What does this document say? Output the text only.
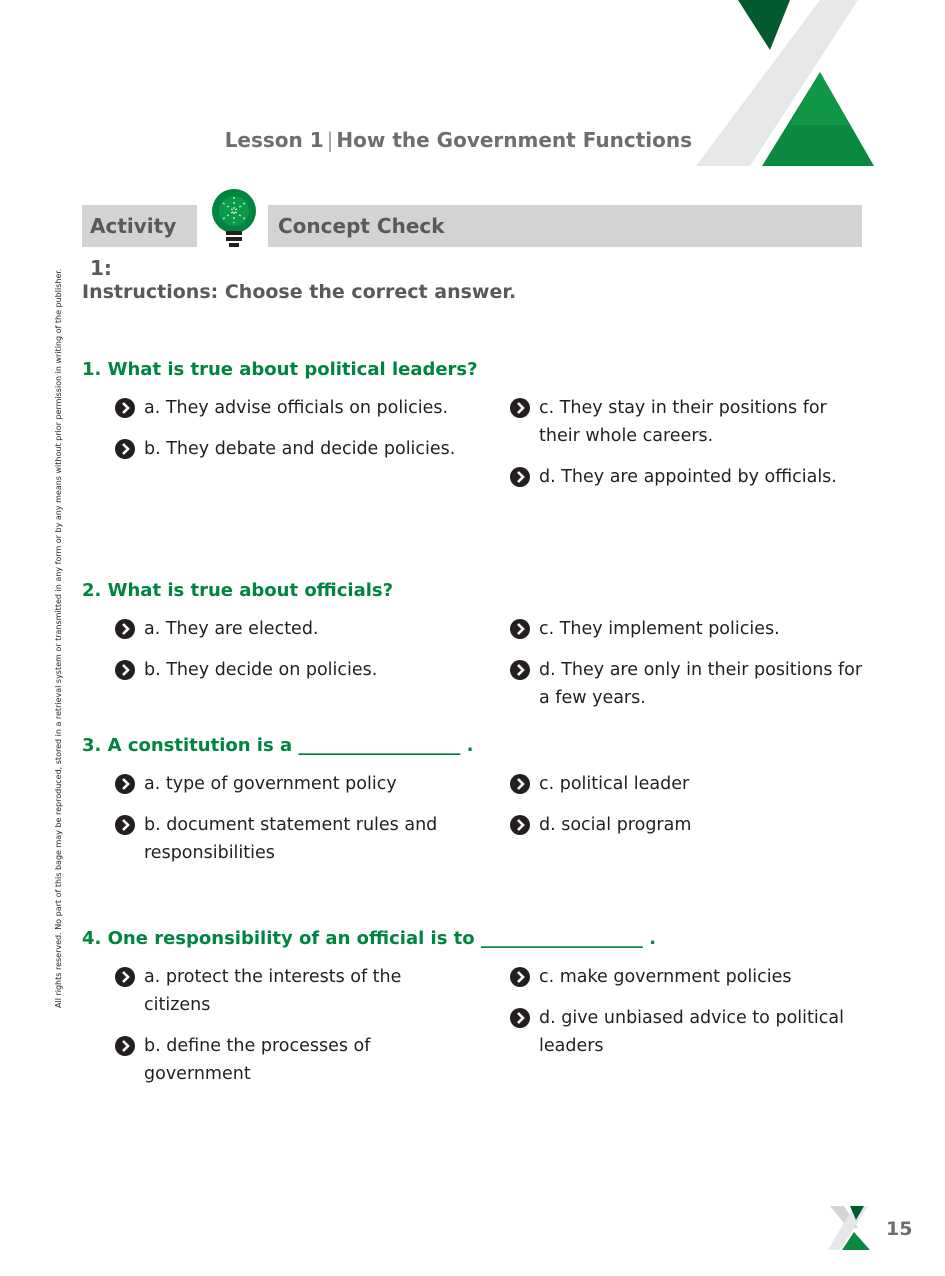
Lesson 1 | How the Government Functions
All rights reserved. No part of this bage may be reproduced, stored in a retrieval system or transmitted in any form or by any means without prior permission in writing of the publisher.
Activity 1:
Concept Check
Instructions: Choose the correct answer.
1. What is true about political leaders?
a. They advise officials on policies.
b. They debate and decide policies.
c. They stay in their positions for their whole careers.
d. They are appointed by officials.
2. What is true about officials?
a. They are elected.
b. They decide on policies.
c. They implement policies.
d. They are only in their positions for a few years.
3. A constitution is a __________________ .
a. type of government policy
b. document statement rules and responsibilities
c. political leader
d. social program
4. One responsibility of an official is to __________________ .
a. protect the interests of the citizens
b. define the processes of government
c. make government policies
d. give unbiased advice to political leaders
15
